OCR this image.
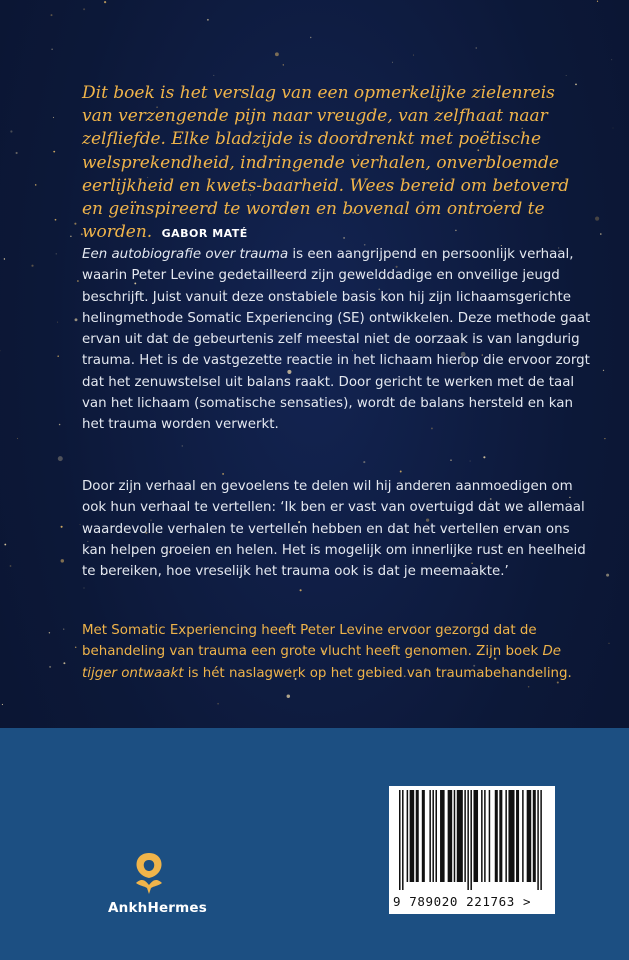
Dit boek is het verslag van een opmerkelijke zielenreis van verzengende pijn naar vreugde, van zelfhaat naar zelfliefde. Elke bladzijde is doordrenkt met poëtische welsprekendheid, indringende verhalen, onverbloemde eerlijkheid en kwets-baarheid. Wees bereid om betoverd en geïnspireerd te worden en bovenal om ontroerd te worden. GABOR MATÉ

Een autobiografie over trauma is een aangrijpend en persoonlijk verhaal, waarin Peter Levine gedetailleerd zijn gewelddadige en onveilige jeugd beschrijft. Juist vanuit deze onstabiele basis kon hij zijn lichaamsgerichte helingmethode Somatic Experiencing (SE) ontwikkelen. Deze methode gaat ervan uit dat de gebeurtenis zelf meestal niet de oorzaak is van langdurig trauma. Het is de vastgezette reactie in het lichaam hierop die ervoor zorgt dat het zenuwstelsel uit balans raakt. Door gericht te werken met de taal van het lichaam (somatische sensaties), wordt de balans hersteld en kan het trauma worden verwerkt.

Door zijn verhaal en gevoelens te delen wil hij anderen aanmoedigen om ook hun verhaal te vertellen: ‘Ik ben er vast van overtuigd dat we allemaal waardevolle verhalen te vertellen hebben en dat het vertellen ervan ons kan helpen groeien en helen. Het is mogelijk om innerlijke rust en heelheid te bereiken, hoe vreselijk het trauma ook is dat je meemaakte.’

Met Somatic Experiencing heeft Peter Levine ervoor gezorgd dat de behandeling van trauma een grote vlucht heeft genomen. Zijn boek De tijger ontwaakt is hét naslagwerk op het gebied van traumabehandeling.

AnkhHermes	9 789020 221763 >
